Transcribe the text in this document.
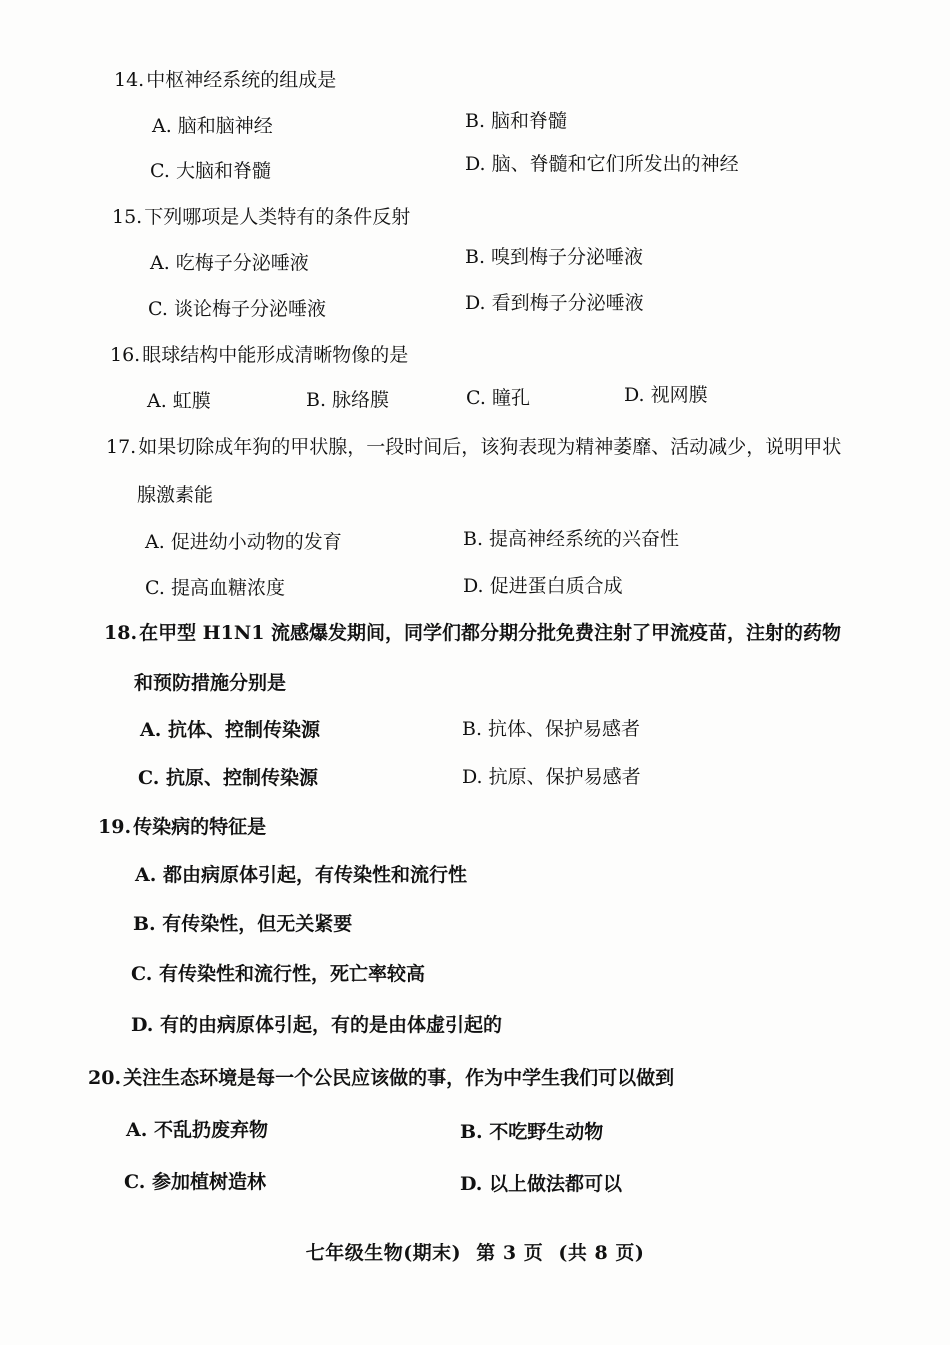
14. 中枢神经系统的组成是
A. 脑和脑神经	B. 脑和脊髓
C. 大脑和脊髓	D. 脑、脊髓和它们所发出的神经
15. 下列哪项是人类特有的条件反射
A. 吃梅子分泌唾液	B. 嗅到梅子分泌唾液
C. 谈论梅子分泌唾液	D. 看到梅子分泌唾液
16. 眼球结构中能形成清晰物像的是
A. 虹膜	B. 脉络膜	C. 瞳孔	D. 视网膜
17. 如果切除成年狗的甲状腺，一段时间后，该狗表现为精神萎靡、活动减少，说明甲状
腺激素能
A. 促进幼小动物的发育	B. 提高神经系统的兴奋性
C. 提高血糖浓度	D. 促进蛋白质合成
18. 在甲型 H1N1 流感爆发期间，同学们都分期分批免费注射了甲流疫苗，注射的药物
和预防措施分别是
A. 抗体、控制传染源	B. 抗体、保护易感者
C. 抗原、控制传染源	D. 抗原、保护易感者
19. 传染病的特征是
A. 都由病原体引起，有传染性和流行性
B. 有传染性，但无关紧要
C. 有传染性和流行性，死亡率较高
D. 有的由病原体引起，有的是由体虚引起的
20. 关注生态环境是每一个公民应该做的事，作为中学生我们可以做到
A. 不乱扔废弃物	B. 不吃野生动物
C. 参加植树造林	D. 以上做法都可以
七年级生物(期末) 第 3 页 (共 8 页)
